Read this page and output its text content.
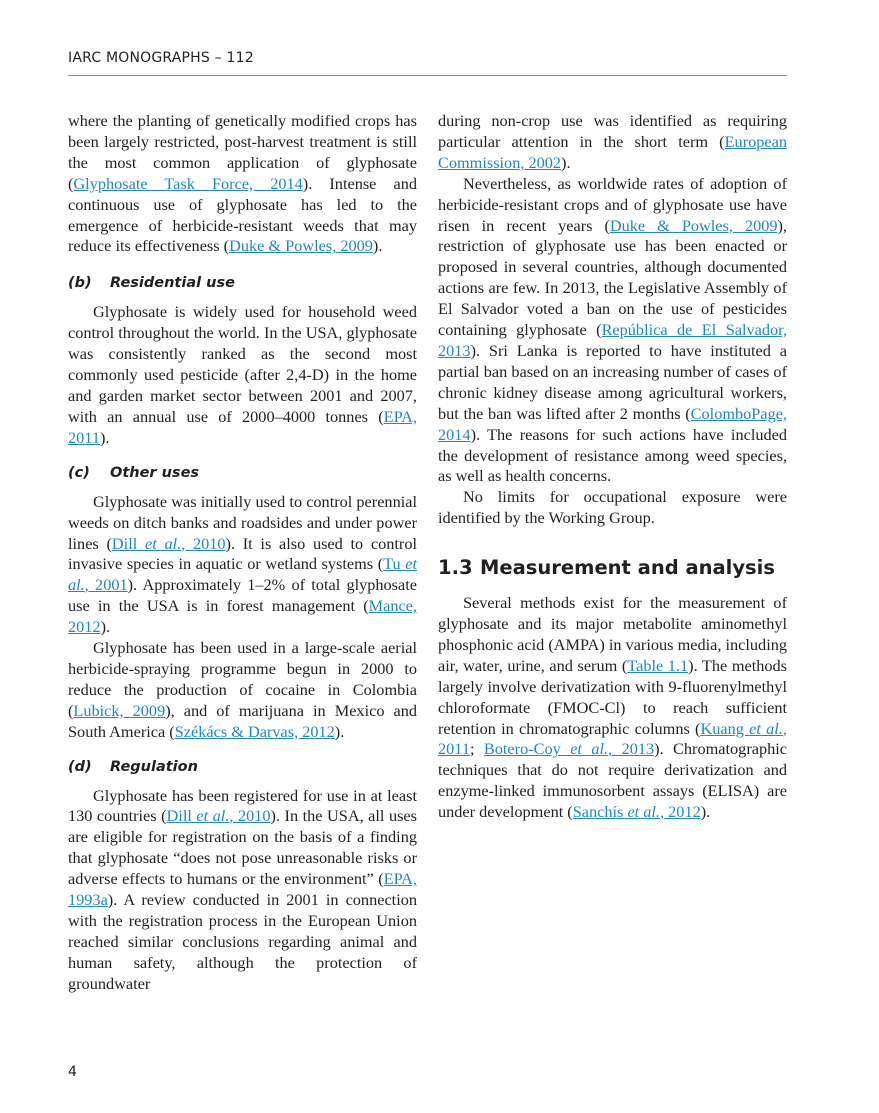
IARC MONOGRAPHS – 112

where the planting of genetically modified crops has been largely restricted, post-harvest treatment is still the most common application of glyphosate (Glyphosate Task Force, 2014). Intense and continuous use of glyphosate has led to the emergence of herbicide-resistant weeds that may reduce its effectiveness (Duke & Powles, 2009).

(b) Residential use

Glyphosate is widely used for household weed control throughout the world. In the USA, glyphosate was consistently ranked as the second most commonly used pesticide (after 2,4-D) in the home and garden market sector between 2001 and 2007, with an annual use of 2000–4000 tonnes (EPA, 2011).

(c) Other uses

Glyphosate was initially used to control perennial weeds on ditch banks and roadsides and under power lines (Dill et al., 2010). It is also used to control invasive species in aquatic or wetland systems (Tu et al., 2001). Approximately 1–2% of total glyphosate use in the USA is in forest management (Mance, 2012).

Glyphosate has been used in a large-scale aerial herbicide-spraying programme begun in 2000 to reduce the production of cocaine in Colombia (Lubick, 2009), and of marijuana in Mexico and South America (Székács & Darvas, 2012).

(d) Regulation

Glyphosate has been registered for use in at least 130 countries (Dill et al., 2010). In the USA, all uses are eligible for registration on the basis of a finding that glyphosate “does not pose unreasonable risks or adverse effects to humans or the environment” (EPA, 1993a). A review conducted in 2001 in connection with the registration process in the European Union reached similar conclusions regarding animal and human safety, although the protection of groundwater

during non-crop use was identified as requiring particular attention in the short term (European Commission, 2002).

Nevertheless, as worldwide rates of adoption of herbicide-resistant crops and of glyphosate use have risen in recent years (Duke & Powles, 2009), restriction of glyphosate use has been enacted or proposed in several countries, although documented actions are few. In 2013, the Legislative Assembly of El Salvador voted a ban on the use of pesticides containing glyphosate (República de El Salvador, 2013). Sri Lanka is reported to have instituted a partial ban based on an increasing number of cases of chronic kidney disease among agricultural workers, but the ban was lifted after 2 months (ColomboPage, 2014). The reasons for such actions have included the development of resistance among weed species, as well as health concerns.

No limits for occupational exposure were identified by the Working Group.

1.3 Measurement and analysis

Several methods exist for the measurement of glyphosate and its major metabolite aminomethyl phosphonic acid (AMPA) in various media, including air, water, urine, and serum (Table 1.1). The methods largely involve derivatization with 9-fluorenylmethyl chloroformate (FMOC-Cl) to reach sufficient retention in chromatographic columns (Kuang et al., 2011; Botero-Coy et al., 2013). Chromatographic techniques that do not require derivatization and enzyme-linked immunosorbent assays (ELISA) are under development (Sanchís et al., 2012).

4
